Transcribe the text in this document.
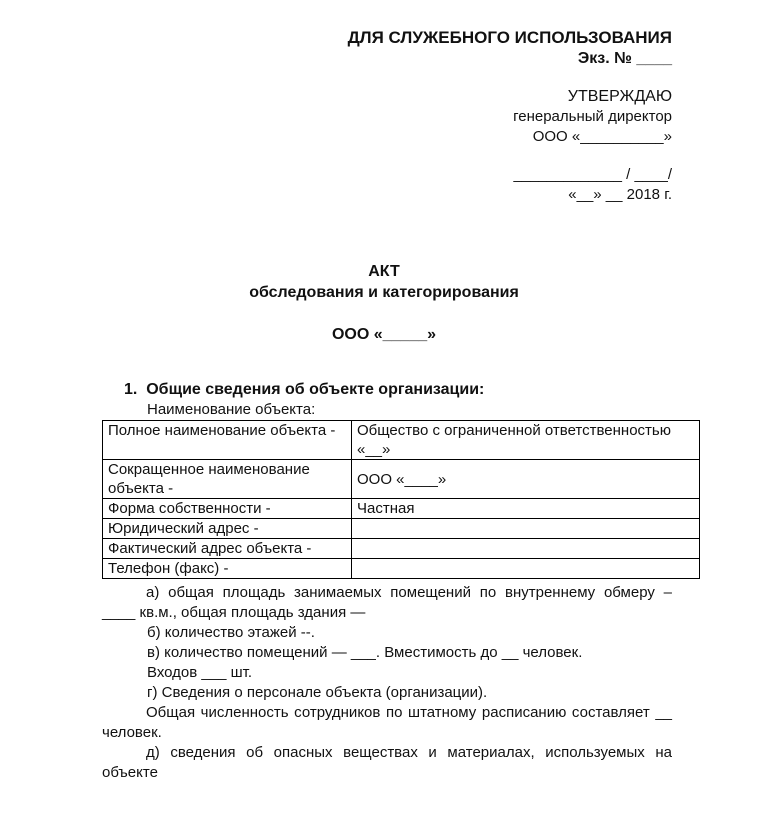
ДЛЯ СЛУЖЕБНОГО ИСПОЛЬЗОВАНИЯ
Экз. № ____
УТВЕРЖДАЮ
генеральный директор
ООО «__________»
_____________ / ____/
«__» __ 2018 г.
АКТ
обследования и категорирования
ООО «_____»
1.  Общие сведения об объекте организации:
Наименование объекта:
Полное наименование объекта -	Общество с ограниченной ответственностью «__»
Сокращенное наименование объекта -	ООО «____»
Форма собственности -	Частная
Юридический адрес -	
Фактический адрес объекта -	
Телефон (факс) -	
а) общая площадь занимаемых помещений по внутреннему обмеру – ____ кв.м., общая площадь здания —
б) количество этажей --.
в) количество помещений — ___. Вместимость до __ человек.
Входов ___ шт.
г) Сведения о персонале объекта (организации).
Общая численность сотрудников по штатному расписанию составляет __ человек.
д) сведения об опасных веществах и материалах, используемых на объекте
